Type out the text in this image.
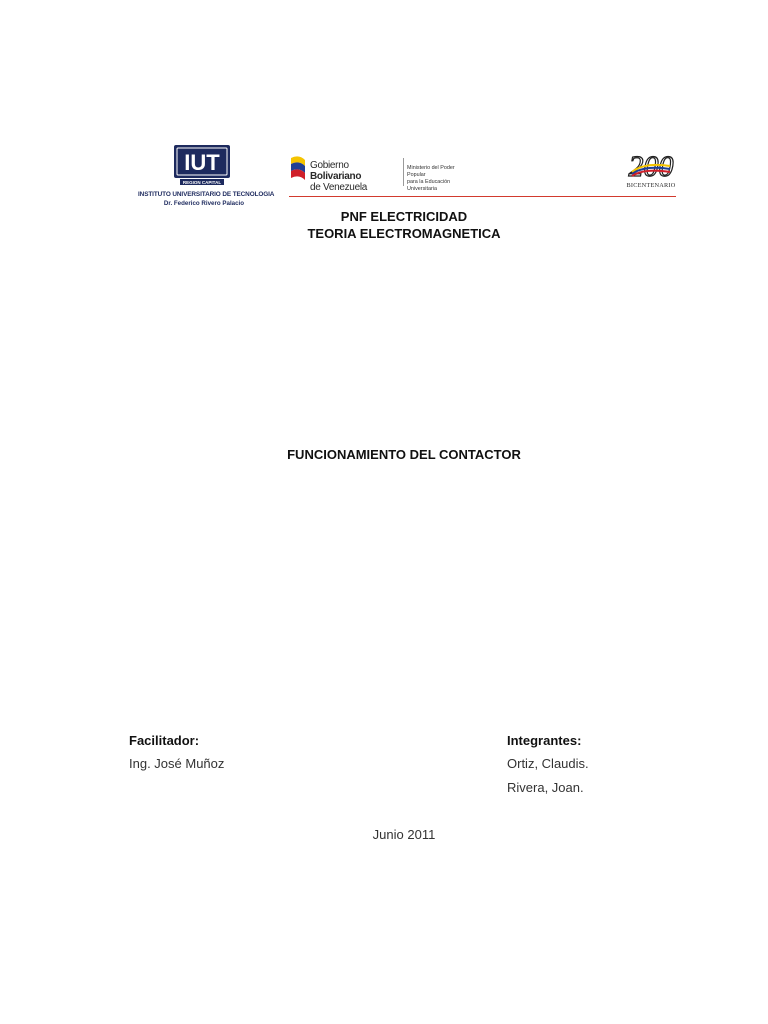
IUT
REGION CAPITAL
INSTITUTO UNIVERSITARIO DE TECNOLOGIA
Dr. Federico Rivero Palacio
Gobierno Bolivariano
de Venezuela
Ministerio del Poder Popular
para la Educación Universitaria
200
BICENTENARIO
PNF ELECTRICIDAD
TEORIA ELECTROMAGNETICA
FUNCIONAMIENTO DEL CONTACTOR
Facilitador:
Ing. José Muñoz
Integrantes:
Ortiz, Claudis.
Rivera, Joan.
Junio 2011
